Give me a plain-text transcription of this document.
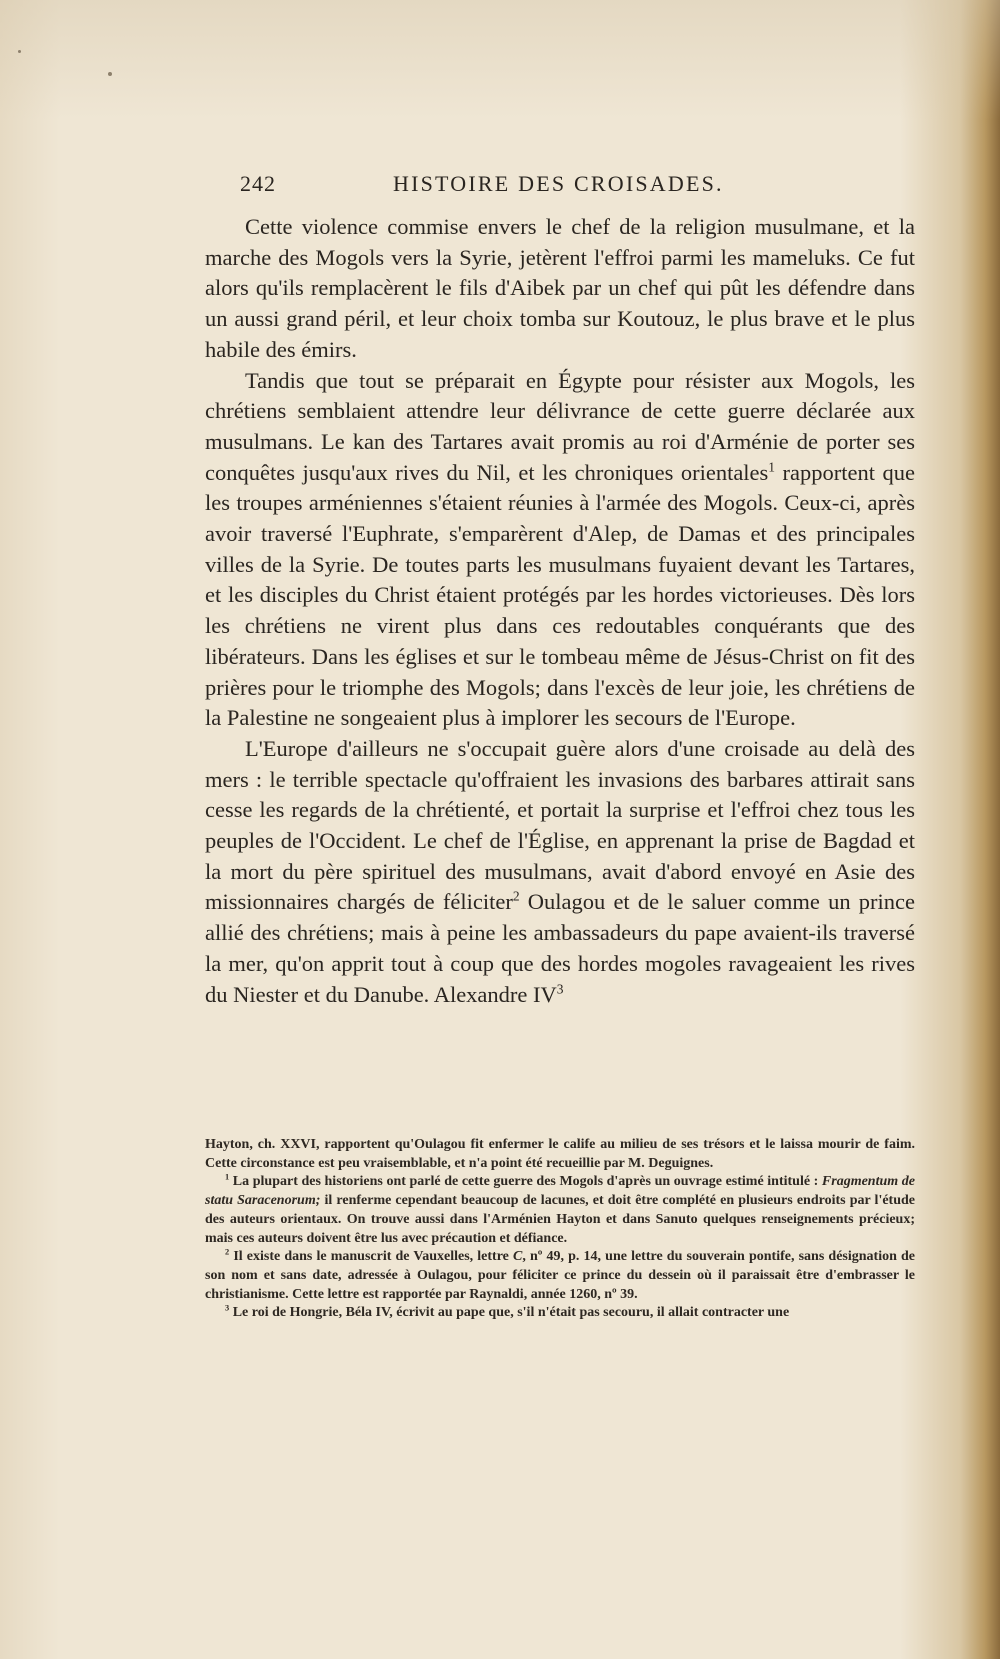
242	HISTOIRE DES CROISADES.

Cette violence commise envers le chef de la religion musulmane, et la marche des Mogols vers la Syrie, jetèrent l'effroi parmi les mameluks. Ce fut alors qu'ils remplacèrent le fils d'Aibek par un chef qui pût les défendre dans un aussi grand péril, et leur choix tomba sur Koutouz, le plus brave et le plus habile des émirs.

Tandis que tout se préparait en Égypte pour résister aux Mogols, les chrétiens semblaient attendre leur délivrance de cette guerre déclarée aux musulmans. Le kan des Tartares avait promis au roi d'Arménie de porter ses conquêtes jusqu'aux rives du Nil, et les chroniques orientales$^1$ rapportent que les troupes arméniennes s'étaient réunies à l'armée des Mogols. Ceux-ci, après avoir traversé l'Euphrate, s'emparèrent d'Alep, de Damas et des principales villes de la Syrie. De toutes parts les musulmans fuyaient devant les Tartares, et les disciples du Christ étaient protégés par les hordes victorieuses. Dès lors les chrétiens ne virent plus dans ces redoutables conquérants que des libérateurs. Dans les églises et sur le tombeau même de Jésus-Christ on fit des prières pour le triomphe des Mogols; dans l'excès de leur joie, les chrétiens de la Palestine ne songeaient plus à implorer les secours de l'Europe.

L'Europe d'ailleurs ne s'occupait guère alors d'une croisade au delà des mers : le terrible spectacle qu'offraient les invasions des barbares attirait sans cesse les regards de la chrétienté, et portait la surprise et l'effroi chez tous les peuples de l'Occident. Le chef de l'Église, en apprenant la prise de Bagdad et la mort du père spirituel des musulmans, avait d'abord envoyé en Asie des missionnaires chargés de féliciter$^2$ Oulagou et de le saluer comme un prince allié des chrétiens; mais à peine les ambassadeurs du pape avaient-ils traversé la mer, qu'on apprit tout à coup que des hordes mogoles ravageaient les rives du Niester et du Danube. Alexandre $IV^3$

Hayton, ch. XXVI, rapportent qu'Oulagou fit enfermer le calife au milieu de ses trésors et le laissa mourir de faim. Cette circonstance est peu vraisemblable, et n'a point été recueillie par M. Deguignes.

$^1$ La plupart des historiens ont parlé de cette guerre des Mogols d'après un ouvrage estimé intitulé : Fragmentum de statu Saracenorum; il renferme cependant beaucoup de lacunes, et doit être complété en plusieurs endroits par l'étude des auteurs orientaux. On trouve aussi dans l'Arménien Hayton et dans Sanuto quelques renseignements précieux; mais ces auteurs doivent être lus avec précaution et défiance.

$^2$ Il existe dans le manuscrit de Vauxelles, lettre C, nº 49, p. 14, une lettre du souverain pontife, sans désignation de son nom et sans date, adressée à Oulagou, pour féliciter ce prince du dessein où il paraissait être d'embrasser le christianisme. Cette lettre est rapportée par Raynaldi, année 1260, nº 39.

$^3$ Le roi de Hongrie, Béla IV, écrivit au pape que, s'il n'était pas secouru, il allait contracter une
